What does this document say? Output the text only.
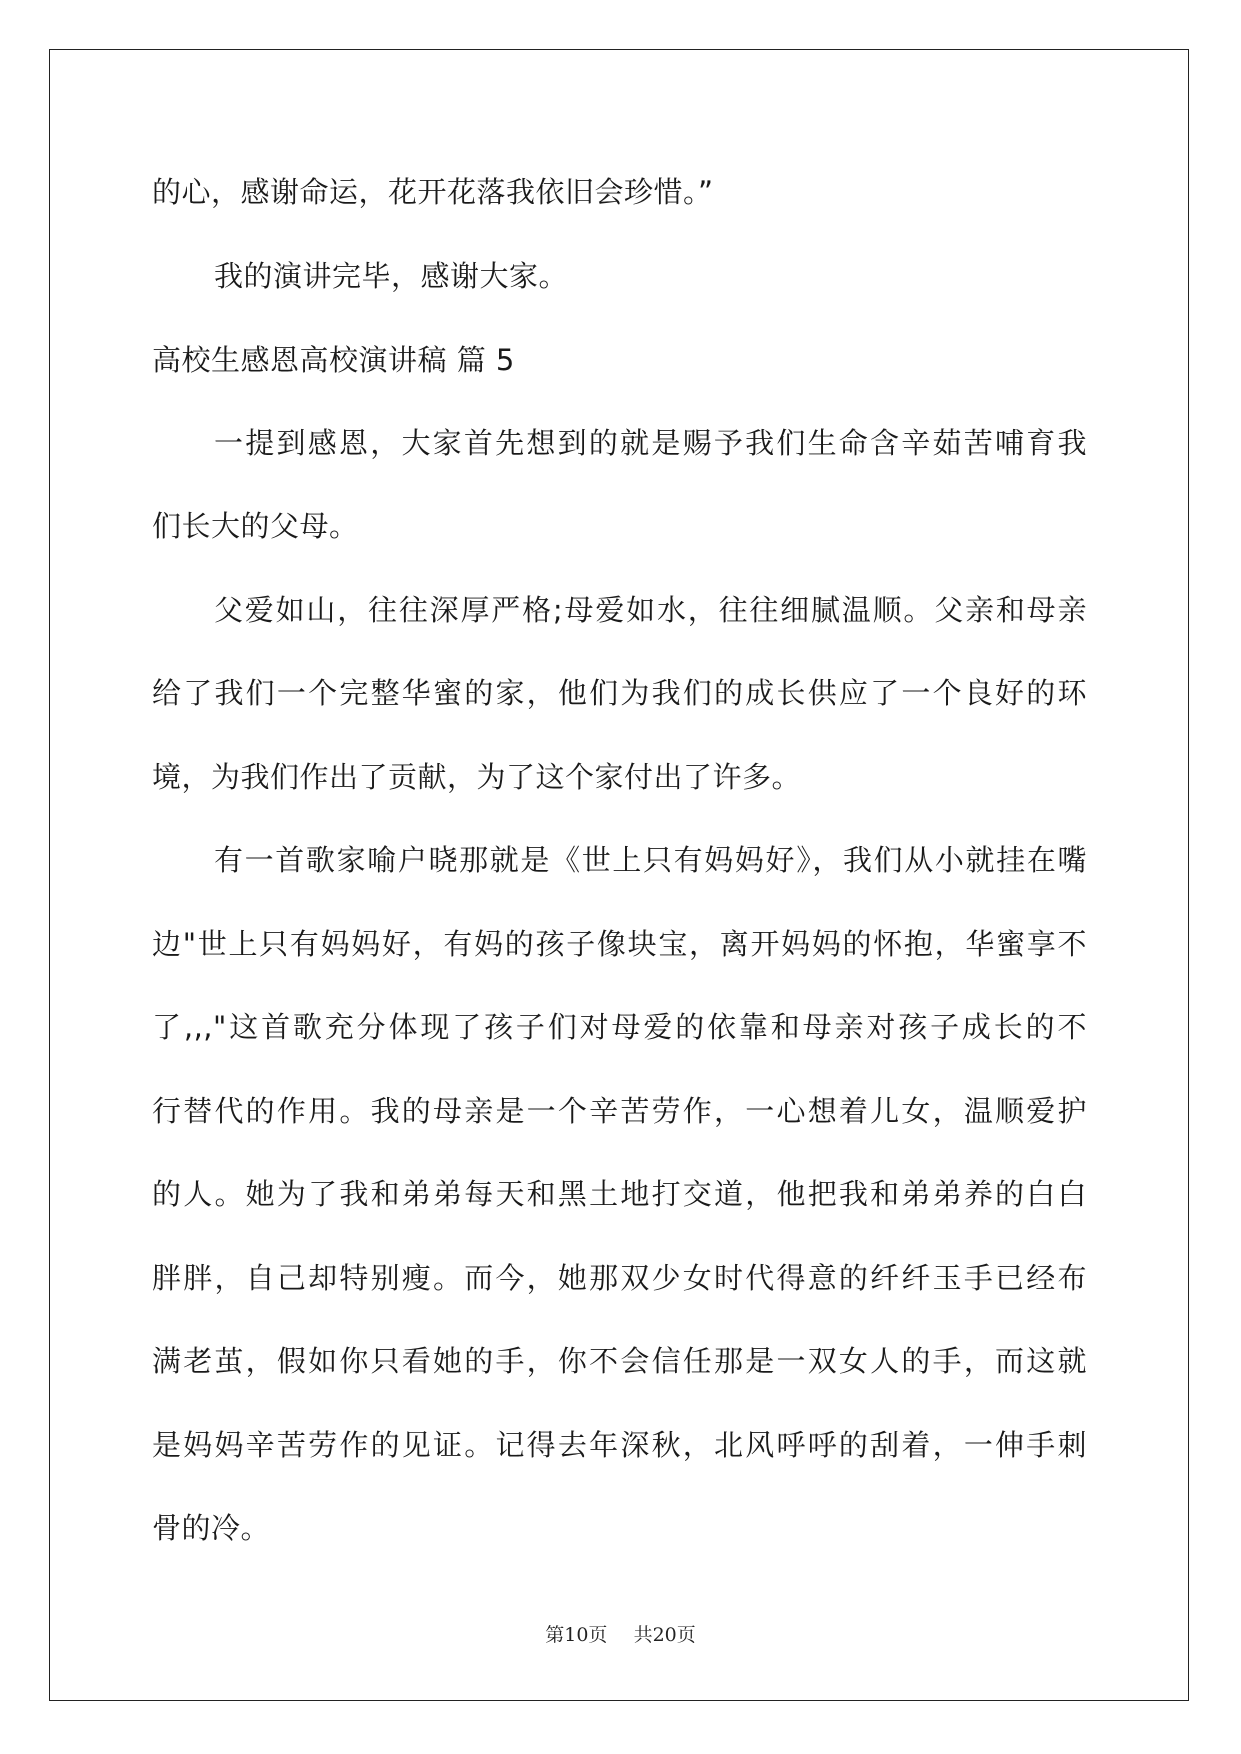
的心，感谢命运，花开花落我依旧会珍惜。”

我的演讲完毕，感谢大家。

高校生感恩高校演讲稿 篇 5

一提到感恩，大家首先想到的就是赐予我们生命含辛茹苦哺育我

们长大的父母。

父爱如山，往往深厚严格;母爱如水，往往细腻温顺。父亲和母亲

给了我们一个完整华蜜的家，他们为我们的成长供应了一个良好的环

境，为我们作出了贡献，为了这个家付出了许多。

有一首歌家喻户晓那就是《世上只有妈妈好》，我们从小就挂在嘴

边"世上只有妈妈好，有妈的孩子像块宝，离开妈妈的怀抱，华蜜享不

了,,,"这首歌充分体现了孩子们对母爱的依靠和母亲对孩子成长的不

行替代的作用。我的母亲是一个辛苦劳作，一心想着儿女，温顺爱护

的人。她为了我和弟弟每天和黑土地打交道，他把我和弟弟养的白白

胖胖，自己却特别瘦。而今，她那双少女时代得意的纤纤玉手已经布

满老茧，假如你只看她的手，你不会信任那是一双女人的手，而这就

是妈妈辛苦劳作的见证。记得去年深秋，北风呼呼的刮着，一伸手刺

骨的冷。

第10页 共20页
